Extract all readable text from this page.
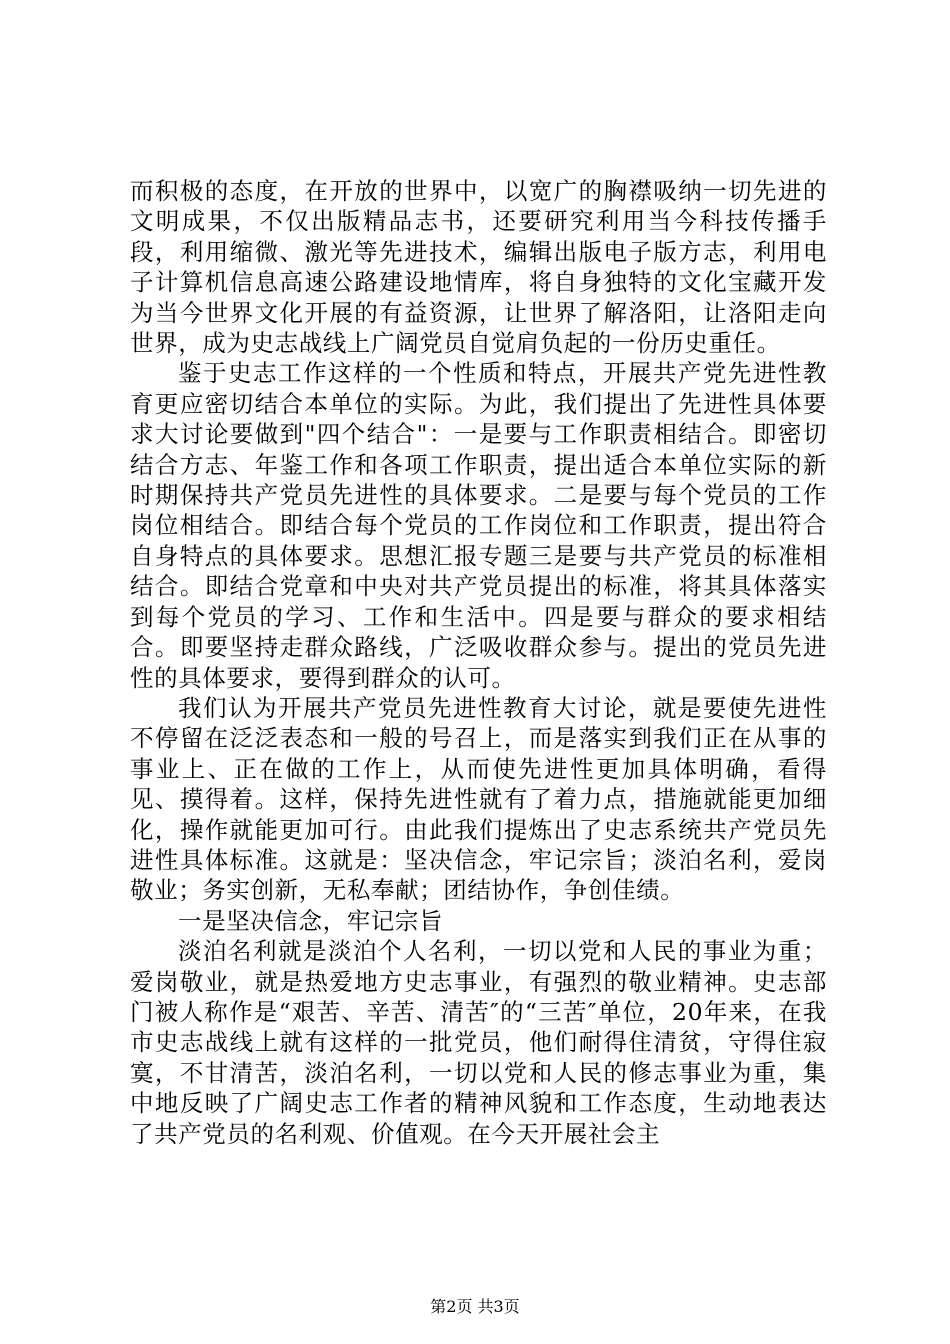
而积极的态度，在开放的世界中，以宽广的胸襟吸纳一切先进的文明成果，不仅出版精品志书，还要研究利用当今科技传播手段，利用缩微、激光等先进技术，编辑出版电子版方志，利用电子计算机信息高速公路建设地情库，将自身独特的文化宝藏开发为当今世界文化开展的有益资源，让世界了解洛阳，让洛阳走向世界，成为史志战线上广阔党员自觉肩负起的一份历史重任。

鉴于史志工作这样的一个性质和特点，开展共产党先进性教育更应密切结合本单位的实际。为此，我们提出了先进性具体要求大讨论要做到"四个结合"：一是要与工作职责相结合。即密切结合方志、年鉴工作和各项工作职责，提出适合本单位实际的新时期保持共产党员先进性的具体要求。二是要与每个党员的工作岗位相结合。即结合每个党员的工作岗位和工作职责，提出符合自身特点的具体要求。思想汇报专题三是要与共产党员的标准相结合。即结合党章和中央对共产党员提出的标准，将其具体落实到每个党员的学习、工作和生活中。四是要与群众的要求相结合。即要坚持走群众路线，广泛吸收群众参与。提出的党员先进性的具体要求，要得到群众的认可。

我们认为开展共产党员先进性教育大讨论，就是要使先进性不停留在泛泛表态和一般的号召上，而是落实到我们正在从事的事业上、正在做的工作上，从而使先进性更加具体明确，看得见、摸得着。这样，保持先进性就有了着力点，措施就能更加细化，操作就能更加可行。由此我们提炼出了史志系统共产党员先进性具体标准。这就是：坚决信念，牢记宗旨；淡泊名利，爱岗敬业；务实创新，无私奉献；团结协作，争创佳绩。

一是坚决信念，牢记宗旨

淡泊名利就是淡泊个人名利，一切以党和人民的事业为重；爱岗敬业，就是热爱地方史志事业，有强烈的敬业精神。史志部门被人称作是“艰苦、辛苦、清苦″的“三苦″单位，20年来，在我市史志战线上就有这样的一批党员，他们耐得住清贫，守得住寂寞，不甘清苦，淡泊名利，一切以党和人民的修志事业为重，集中地反映了广阔史志工作者的精神风貌和工作态度，生动地表达了共产党员的名利观、价值观。在今天开展社会主

第2页 共3页
